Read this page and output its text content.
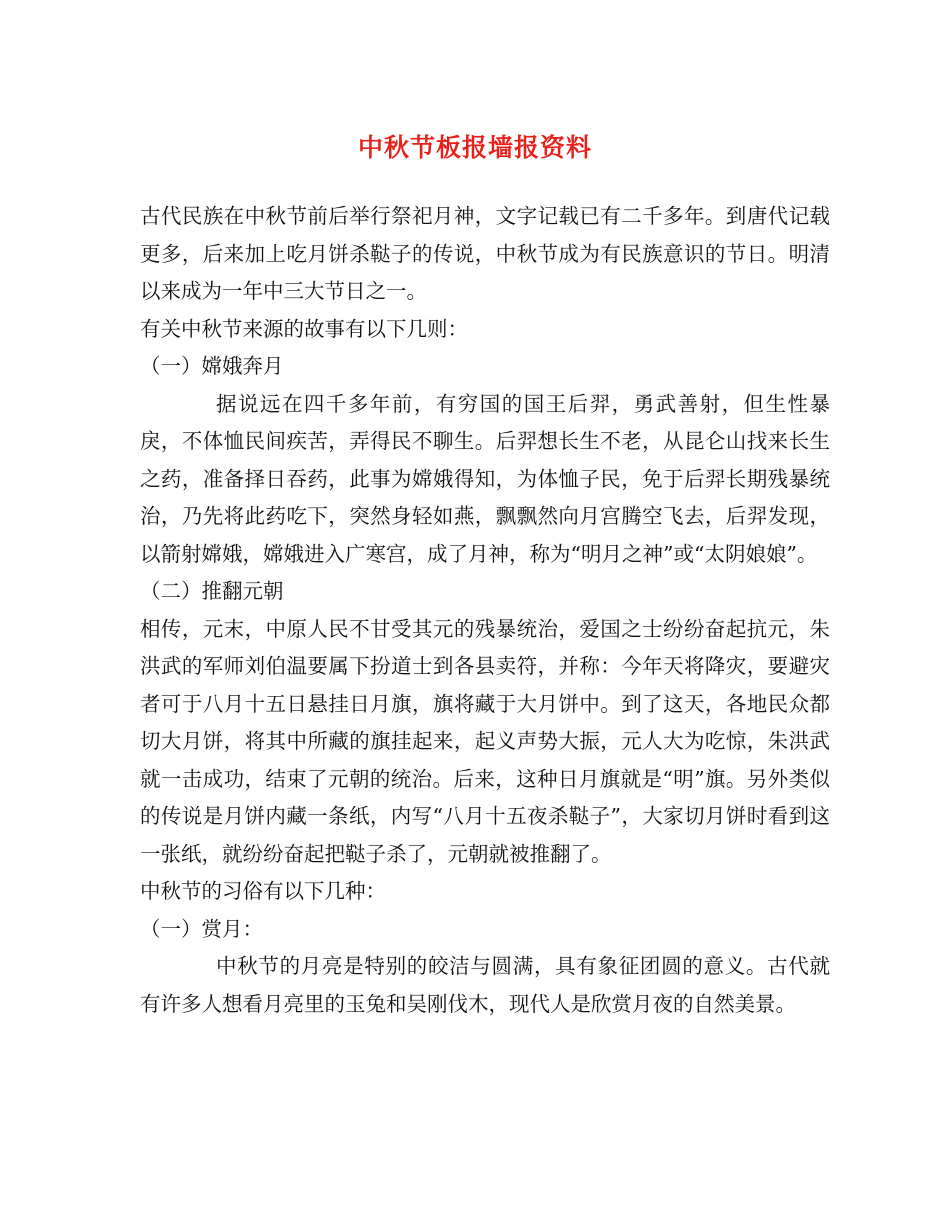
中秋节板报墙报资料

古代民族在中秋节前后举行祭祀月神，文字记载已有二千多年。到唐代记载更多，后来加上吃月饼杀鞑子的传说，中秋节成为有民族意识的节日。明清以来成为一年中三大节日之一。

有关中秋节来源的故事有以下几则：

（一）嫦娥奔月

据说远在四千多年前，有穷国的国王后羿，勇武善射，但生性暴戾，不体恤民间疾苦，弄得民不聊生。后羿想长生不老，从昆仑山找来长生之药，准备择日吞药，此事为嫦娥得知，为体恤子民，免于后羿长期残暴统治，乃先将此药吃下，突然身轻如燕，飘飘然向月宫腾空飞去，后羿发现，以箭射嫦娥，嫦娥进入广寒宫，成了月神，称为“明月之神”或“太阴娘娘”。

（二）推翻元朝

相传，元末，中原人民不甘受其元的残暴统治，爱国之士纷纷奋起抗元，朱洪武的军师刘伯温要属下扮道士到各县卖符，并称：今年天将降灾，要避灾者可于八月十五日悬挂日月旗，旗将藏于大月饼中。到了这天，各地民众都切大月饼，将其中所藏的旗挂起来，起义声势大振，元人大为吃惊，朱洪武就一击成功，结束了元朝的统治。后来，这种日月旗就是“明”旗。另外类似的传说是月饼内藏一条纸，内写“八月十五夜杀鞑子”，大家切月饼时看到这一张纸，就纷纷奋起把鞑子杀了，元朝就被推翻了。

中秋节的习俗有以下几种：

（一）赏月：

中秋节的月亮是特别的皎洁与圆满，具有象征团圆的意义。古代就有许多人想看月亮里的玉兔和吴刚伐木，现代人是欣赏月夜的自然美景。
